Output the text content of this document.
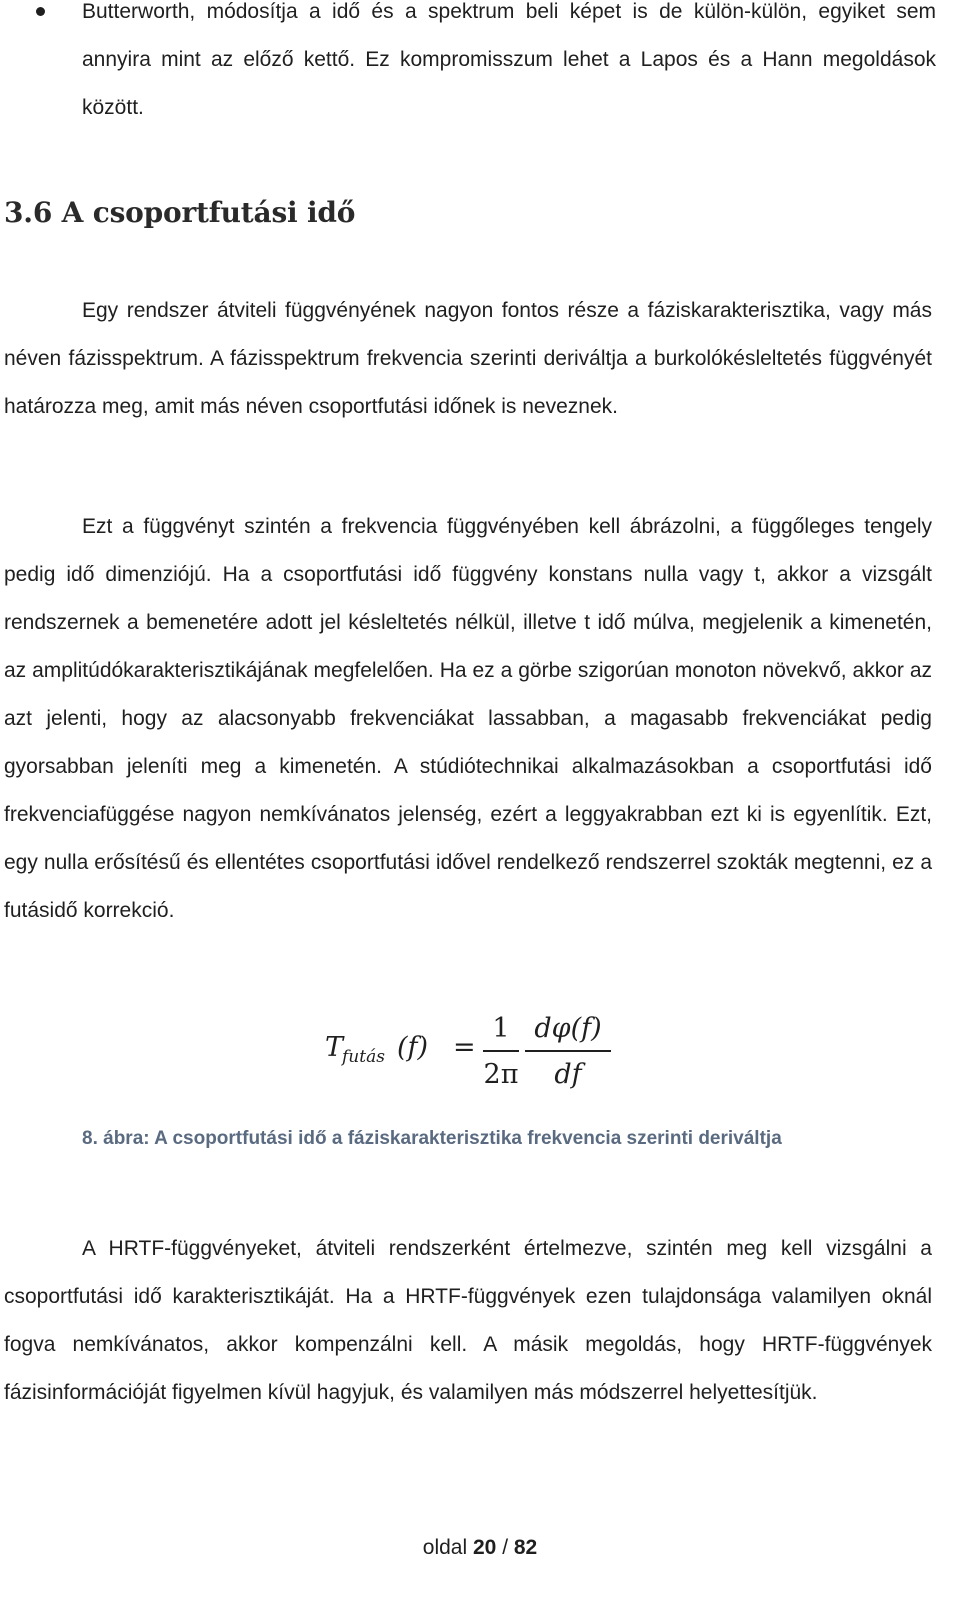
Butterworth, módosítja a idő és a spektrum beli képet is de külön-külön, egyiket sem annyira mint az előző kettő. Ez kompromisszum lehet a Lapos és a Hann megoldások között.

3.6 A csoportfutási idő

Egy rendszer átviteli függvényének nagyon fontos része a fáziskarakterisztika, vagy más néven fázisspektrum. A fázisspektrum frekvencia szerinti deriváltja a burkolókésleltetés függvényét határozza meg, amit más néven csoportfutási időnek is neveznek.

Ezt a függvényt szintén a frekvencia függvényében kell ábrázolni, a függőleges tengely pedig idő dimenziójú. Ha a csoportfutási idő függvény konstans nulla vagy t, akkor a vizsgált rendszernek a bemenetére adott jel késleltetés nélkül, illetve t idő múlva, megjelenik a kimenetén, az amplitúdókarakterisztikájának megfelelően. Ha ez a görbe szigorúan monoton növekvő, akkor az azt jelenti, hogy az alacsonyabb frekvenciákat lassabban, a magasabb frekvenciákat pedig gyorsabban jeleníti meg a kimenetén. A stúdiótechnikai alkalmazásokban a csoportfutási idő frekvenciafüggése nagyon nemkívánatos jelenség, ezért a leggyakrabban ezt ki is egyenlítik. Ezt, egy nulla erősítésű és ellentétes csoportfutási idővel rendelkező rendszerrel szokták megtenni, ez a futásidő korrekció.

T
futás (f) =
1
2π
dφ(f)
df

8. ábra: A csoportfutási idő a fáziskarakterisztika frekvencia szerinti deriváltja

A HRTF-függvényeket, átviteli rendszerként értelmezve, szintén meg kell vizsgálni a csoportfutási idő karakterisztikáját. Ha a HRTF-függvények ezen tulajdonsága valamilyen oknál fogva nemkívánatos, akkor kompenzálni kell. A másik megoldás, hogy HRTF-függvények fázisinformációját figyelmen kívül hagyjuk, és valamilyen más módszerrel helyettesítjük.

oldal 20 / 82
